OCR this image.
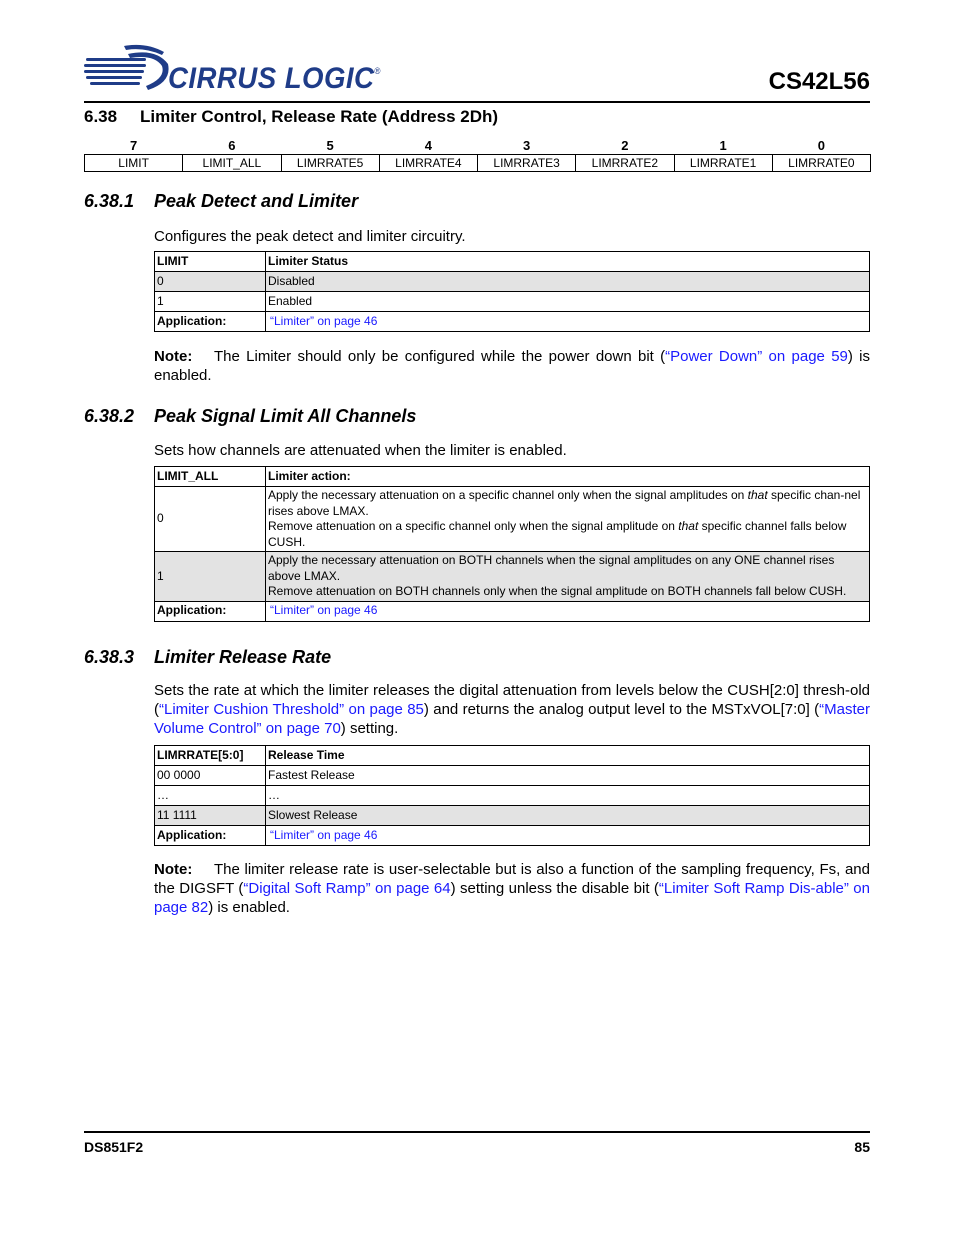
CIRRUS LOGIC®	CS42L56
6.38 Limiter Control, Release Rate (Address 2Dh)
7	6	5	4	3	2	1	0
LIMIT	LIMIT_ALL	LIMRRATE5	LIMRRATE4	LIMRRATE3	LIMRRATE2	LIMRRATE1	LIMRRATE0
6.38.1 Peak Detect and Limiter
Configures the peak detect and limiter circuitry.
LIMIT	Limiter Status
0	Disabled
1	Enabled
Application:	“Limiter” on page 46
Note: The Limiter should only be configured while the power down bit (“Power Down” on page 59) is enabled.
6.38.2 Peak Signal Limit All Channels
Sets how channels are attenuated when the limiter is enabled.
LIMIT_ALL	Limiter action:
0	Apply the necessary attenuation on a specific channel only when the signal amplitudes on that specific chan-nel rises above LMAX.
Remove attenuation on a specific channel only when the signal amplitude on that specific channel falls below CUSH.
1	Apply the necessary attenuation on BOTH channels when the signal amplitudes on any ONE channel rises above LMAX.
Remove attenuation on BOTH channels only when the signal amplitude on BOTH channels fall below CUSH.
Application:	“Limiter” on page 46
6.38.3 Limiter Release Rate
Sets the rate at which the limiter releases the digital attenuation from levels below the CUSH[2:0] thresh-old (“Limiter Cushion Threshold” on page 85) and returns the analog output level to the MSTxVOL[7:0] (“Master Volume Control” on page 70) setting.
LIMRRATE[5:0]	Release Time
00 0000	Fastest Release
…	…
11 1111	Slowest Release
Application:	“Limiter” on page 46
Note: The limiter release rate is user-selectable but is also a function of the sampling frequency, Fs, and the DIGSFT (“Digital Soft Ramp” on page 64) setting unless the disable bit (“Limiter Soft Ramp Dis-able” on page 82) is enabled.
DS851F2	85
